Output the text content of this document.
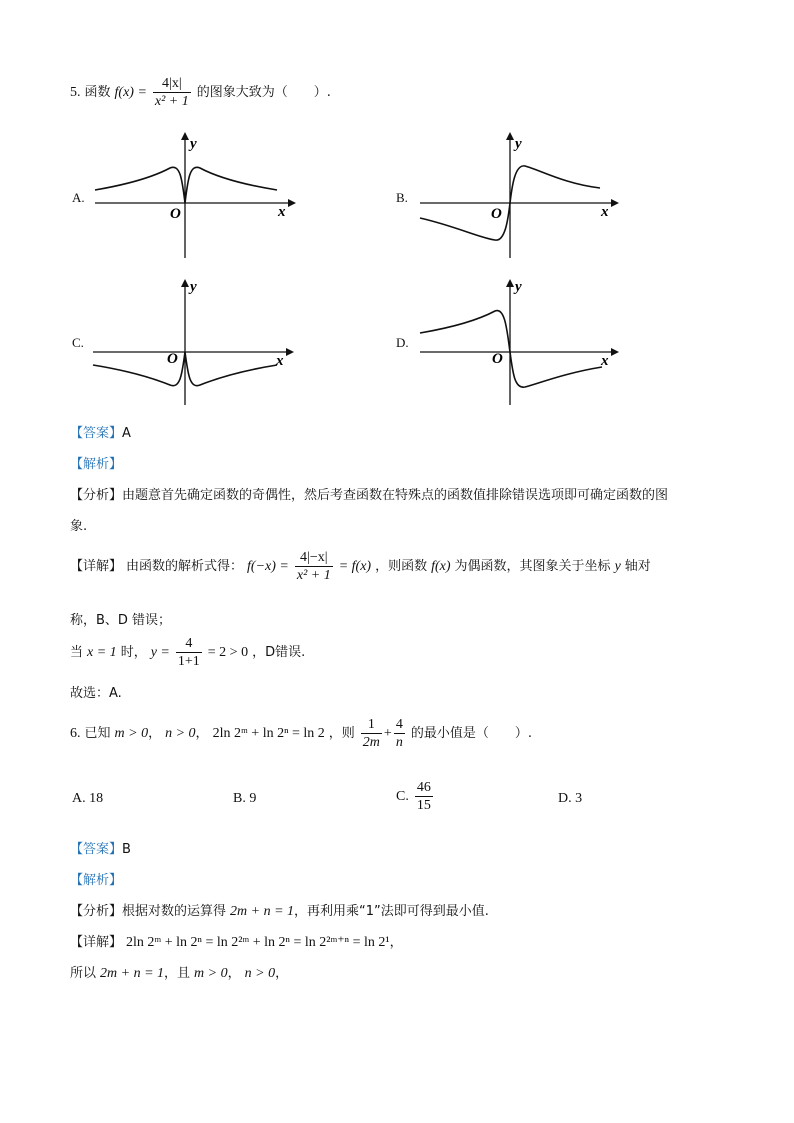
5. 函数 $f(x) = \frac{4|x|}{\text{x² + 1}}$ 的图象大致为（　　）.
A.	B.
C.	D.
y
x
O
y
x
O
y
x
O
y
x
O
【答案】A
【解析】
【分析】由题意首先确定函数的奇偶性，然后考查函数在特殊点的函数值排除错误选项即可确定函数的图
象.
【详解】 由函数的解析式得： $f(-x) = \frac{4|-x|}{\text{x² + 1}} = f(x)$ ，则函数 f(x) 为偶函数，其图象关于坐标 y 轴对
称，B、D 错误；
当 x = 1 时， $y = \frac{4}{1+1} = 2 > 0$ ，D错误.
故选：A.
6. 已知 m > 0， n > 0， 2ln 2ᵐ + ln 2ⁿ = ln 2 ，则 $\frac{1}{2m} + \frac{4}{n}$ 的最小值是（　　）.
A. 18	B. 9	C. $\frac{46}{15}$	D. 3
【答案】B
【解析】
【分析】根据对数的运算得 2m + n = 1，再利用乘“1”法即可得到最小值.
【详解】 2ln 2ᵐ + ln 2ⁿ = ln 2²ᵐ + ln 2ⁿ = ln 2²ᵐ⁺ⁿ = ln 2¹，
所以 2m + n = 1，且 m > 0， n > 0，
